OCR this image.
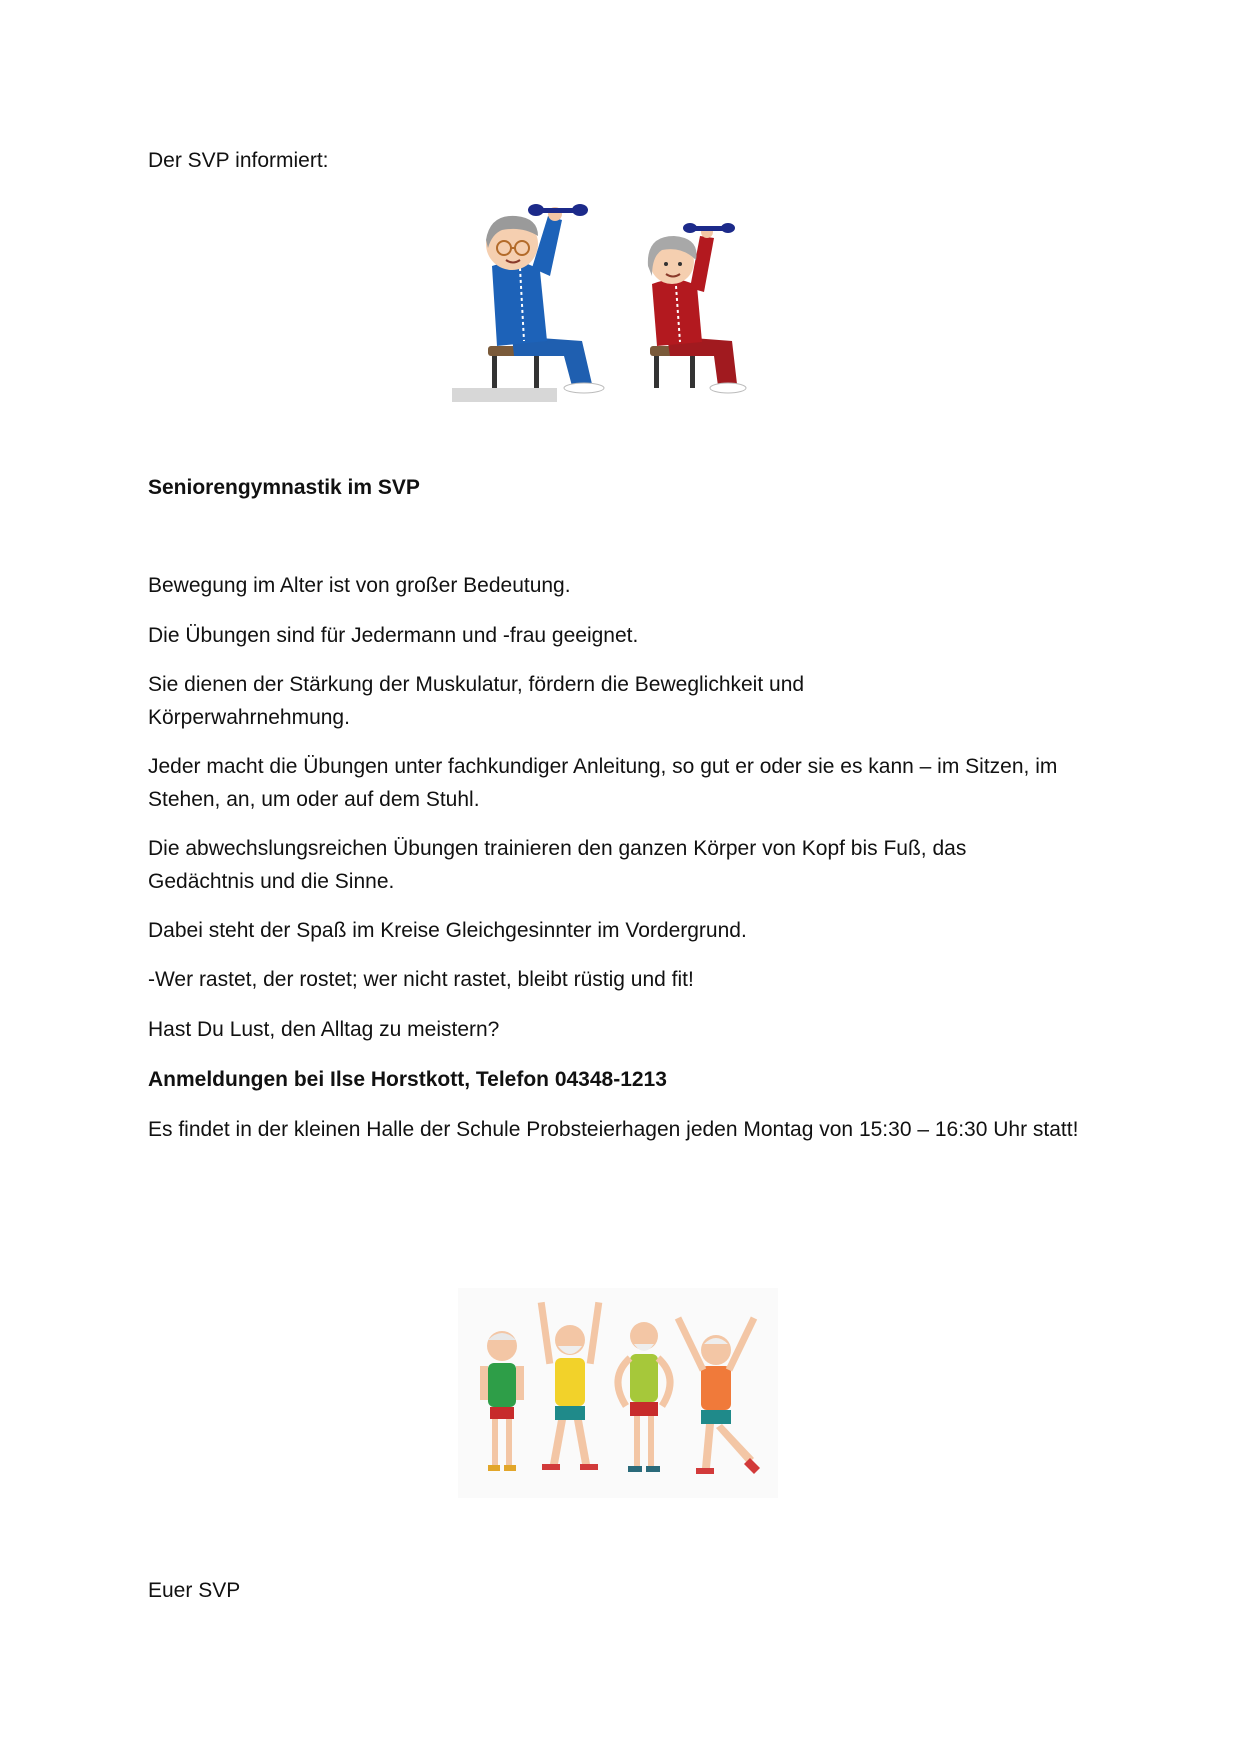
Der SVP informiert:

Seniorengymnastik im SVP

Bewegung im Alter ist von großer Bedeutung.

Die Übungen sind für Jedermann und -frau geeignet.

Sie dienen der Stärkung der Muskulatur, fördern die Beweglichkeit und Körperwahrnehmung.

Jeder macht die Übungen unter fachkundiger Anleitung, so gut er oder sie es kann – im Sitzen, im Stehen, an, um oder auf dem Stuhl.

Die abwechslungsreichen Übungen trainieren den ganzen Körper von Kopf bis Fuß, das Gedächtnis und die Sinne.

Dabei steht der Spaß im Kreise Gleichgesinnter im Vordergrund.

-Wer rastet, der rostet; wer nicht rastet, bleibt rüstig und fit!

Hast Du Lust, den Alltag zu meistern?

Anmeldungen bei Ilse Horstkott, Telefon 04348-1213

Es findet in der kleinen Halle der Schule Probsteierhagen jeden Montag von 15:30 – 16:30 Uhr statt!

Euer SVP
